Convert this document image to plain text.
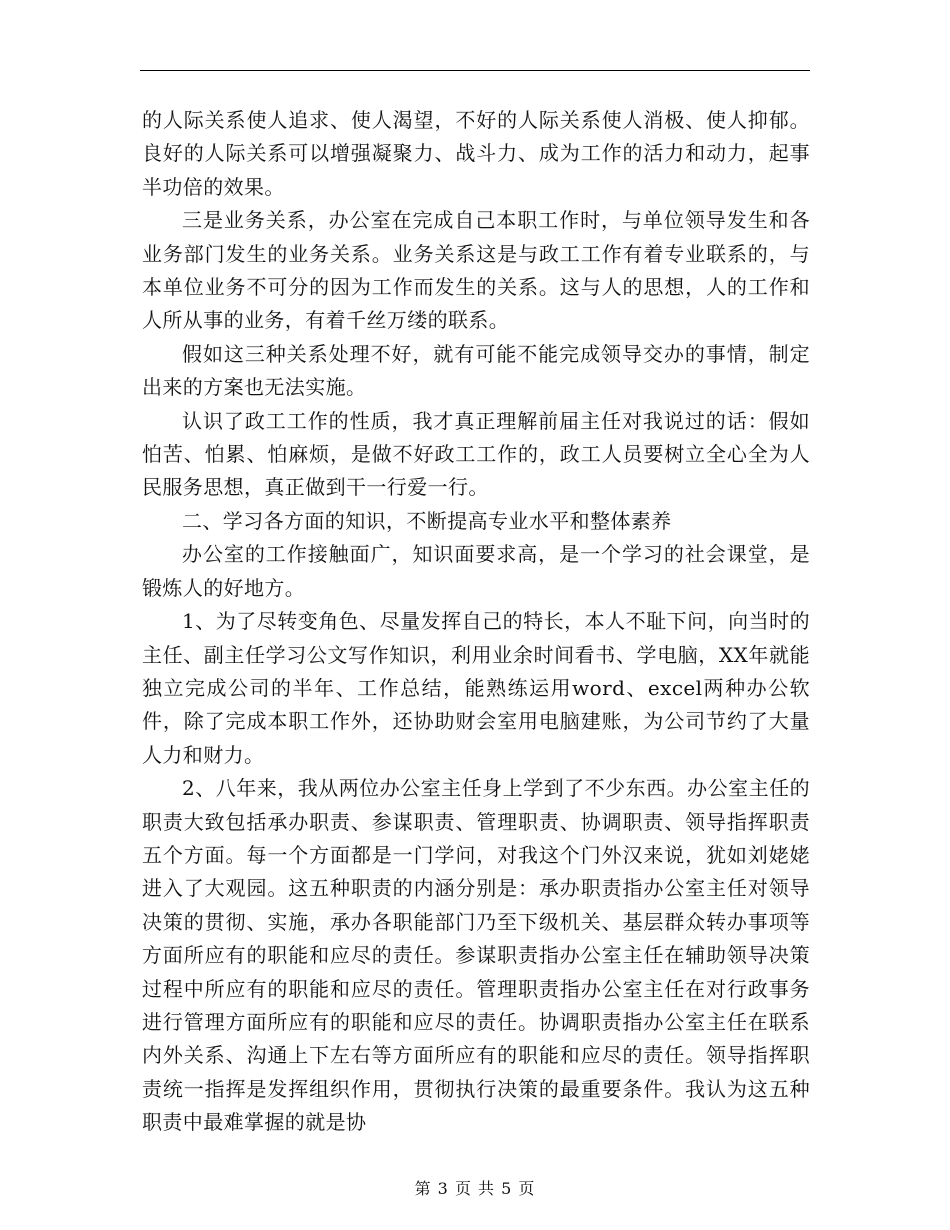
的人际关系使人追求、使人渴望，不好的人际关系使人消极、使人抑郁。良好的人际关系可以增强凝聚力、战斗力、成为工作的活力和动力，起事半功倍的效果。

三是业务关系，办公室在完成自己本职工作时，与单位领导发生和各业务部门发生的业务关系。业务关系这是与政工工作有着专业联系的，与本单位业务不可分的因为工作而发生的关系。这与人的思想，人的工作和人所从事的业务，有着千丝万缕的联系。

假如这三种关系处理不好，就有可能不能完成领导交办的事情，制定出来的方案也无法实施。

认识了政工工作的性质，我才真正理解前届主任对我说过的话：假如怕苦、怕累、怕麻烦，是做不好政工工作的，政工人员要树立全心全为人民服务思想，真正做到干一行爱一行。

二、学习各方面的知识，不断提高专业水平和整体素养

办公室的工作接触面广，知识面要求高，是一个学习的社会课堂，是锻炼人的好地方。

1、为了尽转变角色、尽量发挥自己的特长，本人不耻下问，向当时的主任、副主任学习公文写作知识，利用业余时间看书、学电脑，XX年就能独立完成公司的半年、工作总结，能熟练运用word、excel两种办公软件，除了完成本职工作外，还协助财会室用电脑建账，为公司节约了大量人力和财力。

2、八年来，我从两位办公室主任身上学到了不少东西。办公室主任的职责大致包括承办职责、参谋职责、管理职责、协调职责、领导指挥职责五个方面。每一个方面都是一门学问，对我这个门外汉来说，犹如刘姥姥进入了大观园。这五种职责的内涵分别是：承办职责指办公室主任对领导决策的贯彻、实施，承办各职能部门乃至下级机关、基层群众转办事项等方面所应有的职能和应尽的责任。参谋职责指办公室主任在辅助领导决策过程中所应有的职能和应尽的责任。管理职责指办公室主任在对行政事务进行管理方面所应有的职能和应尽的责任。协调职责指办公室主任在联系内外关系、沟通上下左右等方面所应有的职能和应尽的责任。领导指挥职责统一指挥是发挥组织作用，贯彻执行决策的最重要条件。我认为这五种职责中最难掌握的就是协

第 3 页 共 5 页
